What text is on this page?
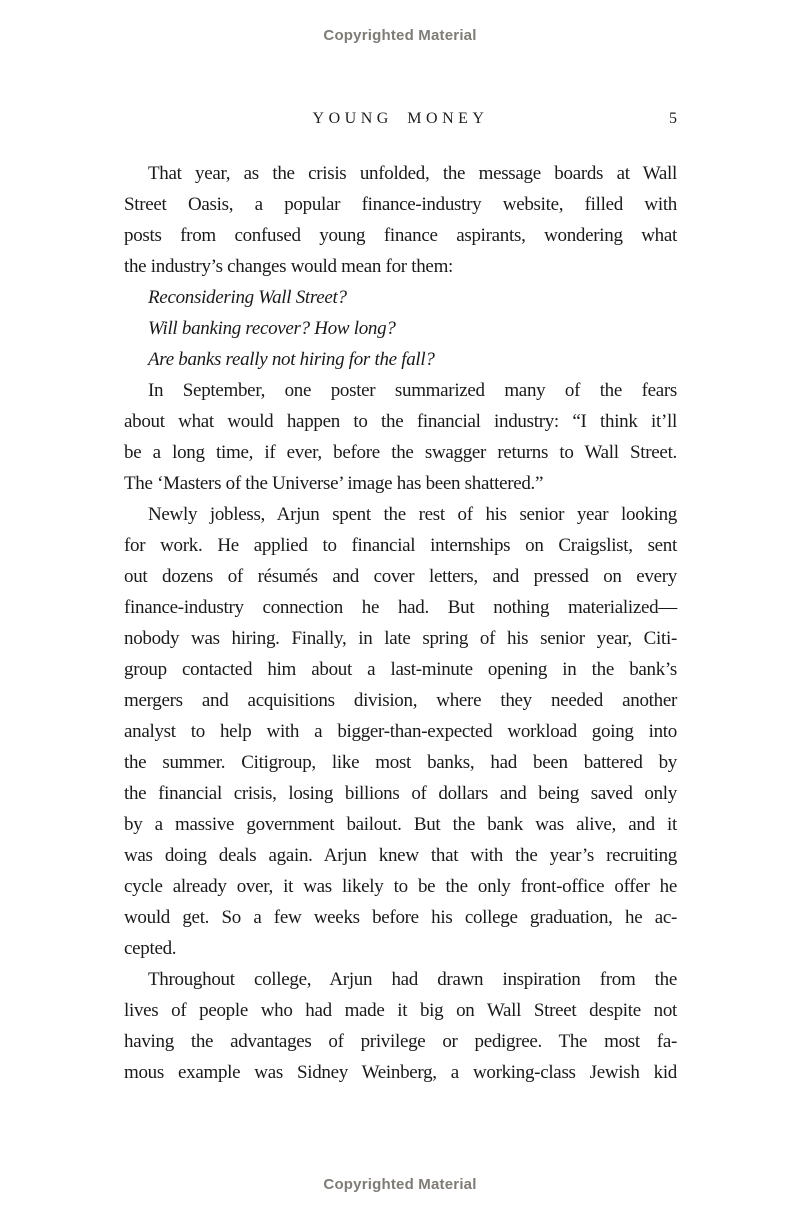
Copyrighted Material
YOUNG MONEY	5
That year, as the crisis unfolded, the message boards at Wall
Street Oasis, a popular finance-industry website, filled with
posts from confused young finance aspirants, wondering what
the industry’s changes would mean for them:
Reconsidering Wall Street?
Will banking recover? How long?
Are banks really not hiring for the fall?
In September, one poster summarized many of the fears
about what would happen to the financial industry: “I think it’ll
be a long time, if ever, before the swagger returns to Wall Street.
The ‘Masters of the Universe’ image has been shattered.”
Newly jobless, Arjun spent the rest of his senior year looking
for work. He applied to financial internships on Craigslist, sent
out dozens of résumés and cover letters, and pressed on every
finance-industry connection he had. But nothing materialized—
nobody was hiring. Finally, in late spring of his senior year, Citi-
group contacted him about a last-minute opening in the bank’s
mergers and acquisitions division, where they needed another
analyst to help with a bigger-than-expected workload going into
the summer. Citigroup, like most banks, had been battered by
the financial crisis, losing billions of dollars and being saved only
by a massive government bailout. But the bank was alive, and it
was doing deals again. Arjun knew that with the year’s recruiting
cycle already over, it was likely to be the only front-office offer he
would get. So a few weeks before his college graduation, he ac-
cepted.
Throughout college, Arjun had drawn inspiration from the
lives of people who had made it big on Wall Street despite not
having the advantages of privilege or pedigree. The most fa-
mous example was Sidney Weinberg, a working-class Jewish kid
Copyrighted Material
